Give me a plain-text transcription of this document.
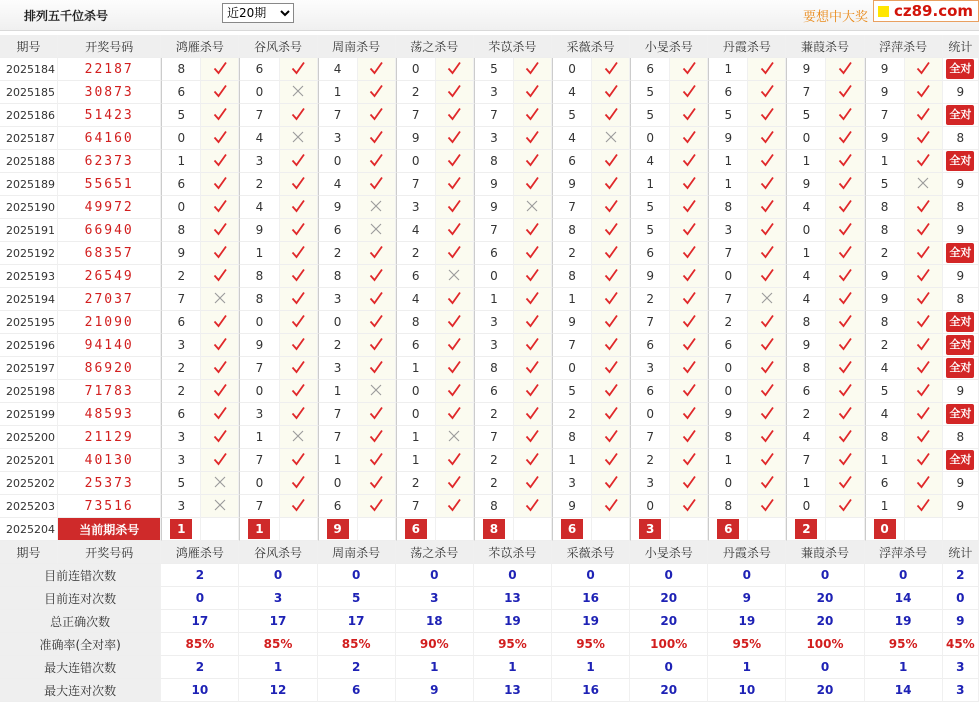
排列五千位杀号
近20期	要想中大奖 cz89.com
期号	开奖号码	鸿雁杀号		谷风杀号		周南杀号		荡之杀号		芣苡杀号		采薇杀号		小旻杀号		丹霞杀号		蒹葭杀号		浮萍杀号		统计
2025184	22187	8		6		4		0		5		0		6		1		9		9		全对
2025185	30873	6		0		1		2		3		4		5		6		7		9		9
2025186	51423	5		7		7		7		7		5		5		5		5		7		全对
2025187	64160	0		4		3		9		3		4		0		9		0		9		8
2025188	62373	1		3		0		0		8		6		4		1		1		1		全对
2025189	55651	6		2		4		7		9		9		1		1		9		5		9
2025190	49972	0		4		9		3		9		7		5		8		4		8		8
2025191	66940	8		9		6		4		7		8		5		3		0		8		9
2025192	68357	9		1		2		2		6		2		6		7		1		2		全对
2025193	26549	2		8		8		6		0		8		9		0		4		9		9
2025194	27037	7		8		3		4		1		1		2		7		4		9		8
2025195	21090	6		0		0		8		3		9		7		2		8		8		全对
2025196	94140	3		9		2		6		3		7		6		6		9		2		全对
2025197	86920	2		7		3		1		8		0		3		0		8		4		全对
2025198	71783	2		0		1		0		6		5		6		0		6		5		9
2025199	48593	6		3		7		0		2		2		0		9		2		4		全对
2025200	21129	3		1		7		1		7		8		7		8		4		8		8
2025201	40130	3		7		1		1		2		1		2		1		7		1		全对
2025202	25373	5		0		0		2		2		3		3		0		1		6		9
2025203	73516	3		7		6		7		8		9		0		8		0		1		9
2025204	当前期杀号	1		1		9		6		8		6		3		6		2		0		
期号	开奖号码	鸿雁杀号		谷风杀号		周南杀号		荡之杀号		芣苡杀号		采薇杀号		小旻杀号		丹霞杀号		蒹葭杀号		浮萍杀号		统计
目前连错次数		2		0		0		0		0		0		0		0		0		0		2
目前连对次数		0		3		5		3		13		16		20		9		20		14		0
总正确次数		17		17		17		18		19		19		20		19		20		19		9
准确率(全对率)		85%		85%		85%		90%		95%		95%		100%		95%		100%		95%		45%
最大连错次数		2		1		2		1		1		1		0		1		0		1		3
最大连对次数		10		12		6		9		13		16		20		10		20		14		3
